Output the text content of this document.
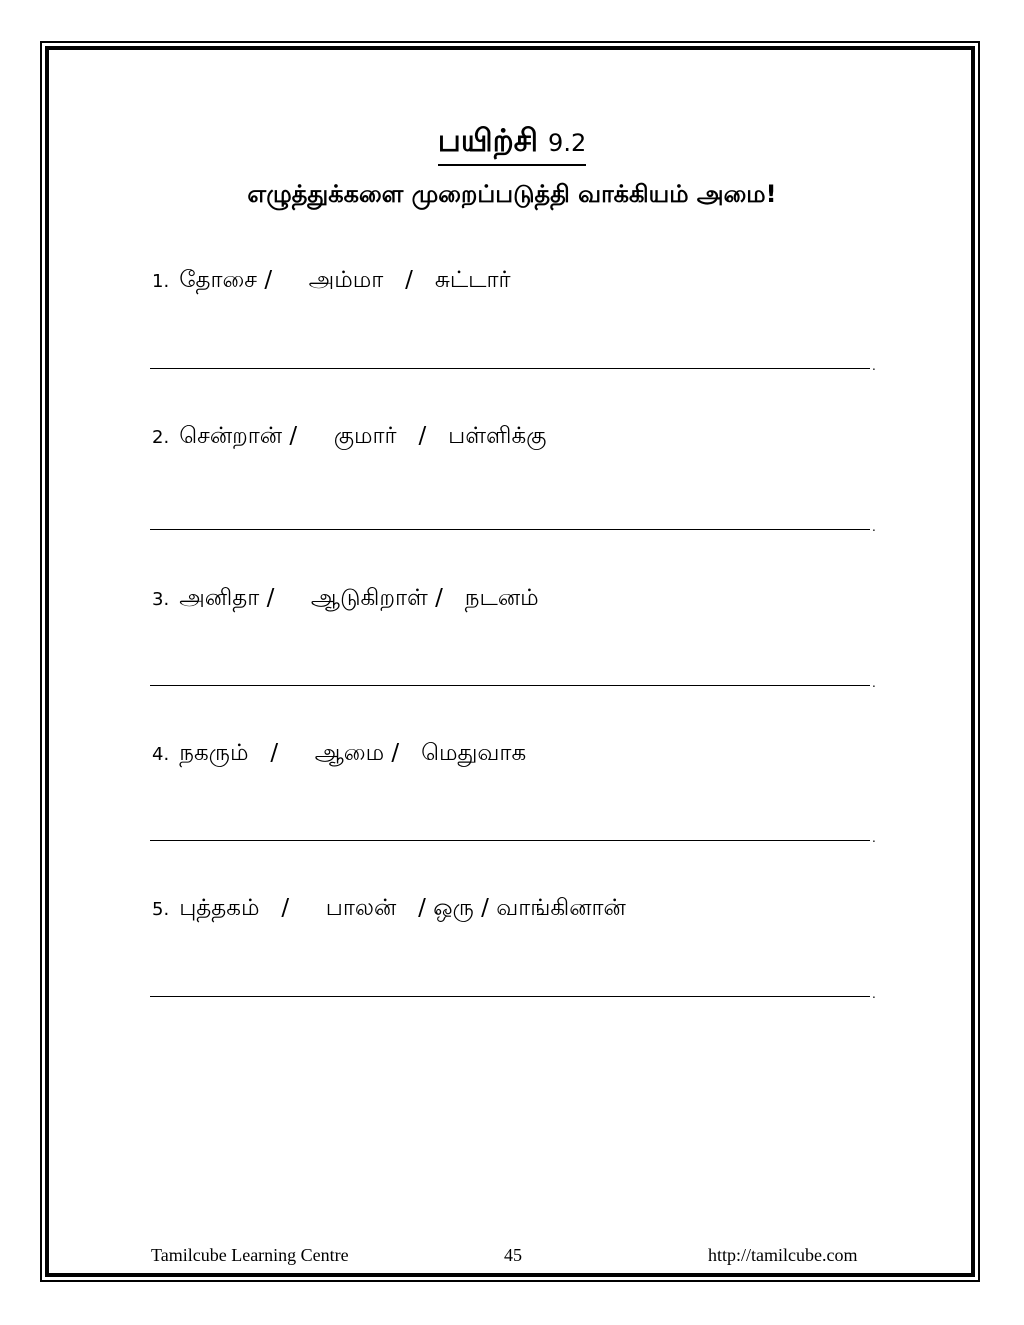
பயிற்சி 9.2
எழுத்துக்களை முறைப்படுத்தி வாக்கியம் அமை!
1. தோசை /     அம்மா   /   சுட்டார்
.
2. சென்றான் /     குமார்   /   பள்ளிக்கு
.
3. அனிதா /     ஆடுகிறாள் /   நடனம்
.
4. நகரும்   /     ஆமை /   மெதுவாக
.
5. புத்தகம்   /     பாலன்   / ஒரு / வாங்கினான்
.
Tamilcube Learning Centre	45	http://tamilcube.com
